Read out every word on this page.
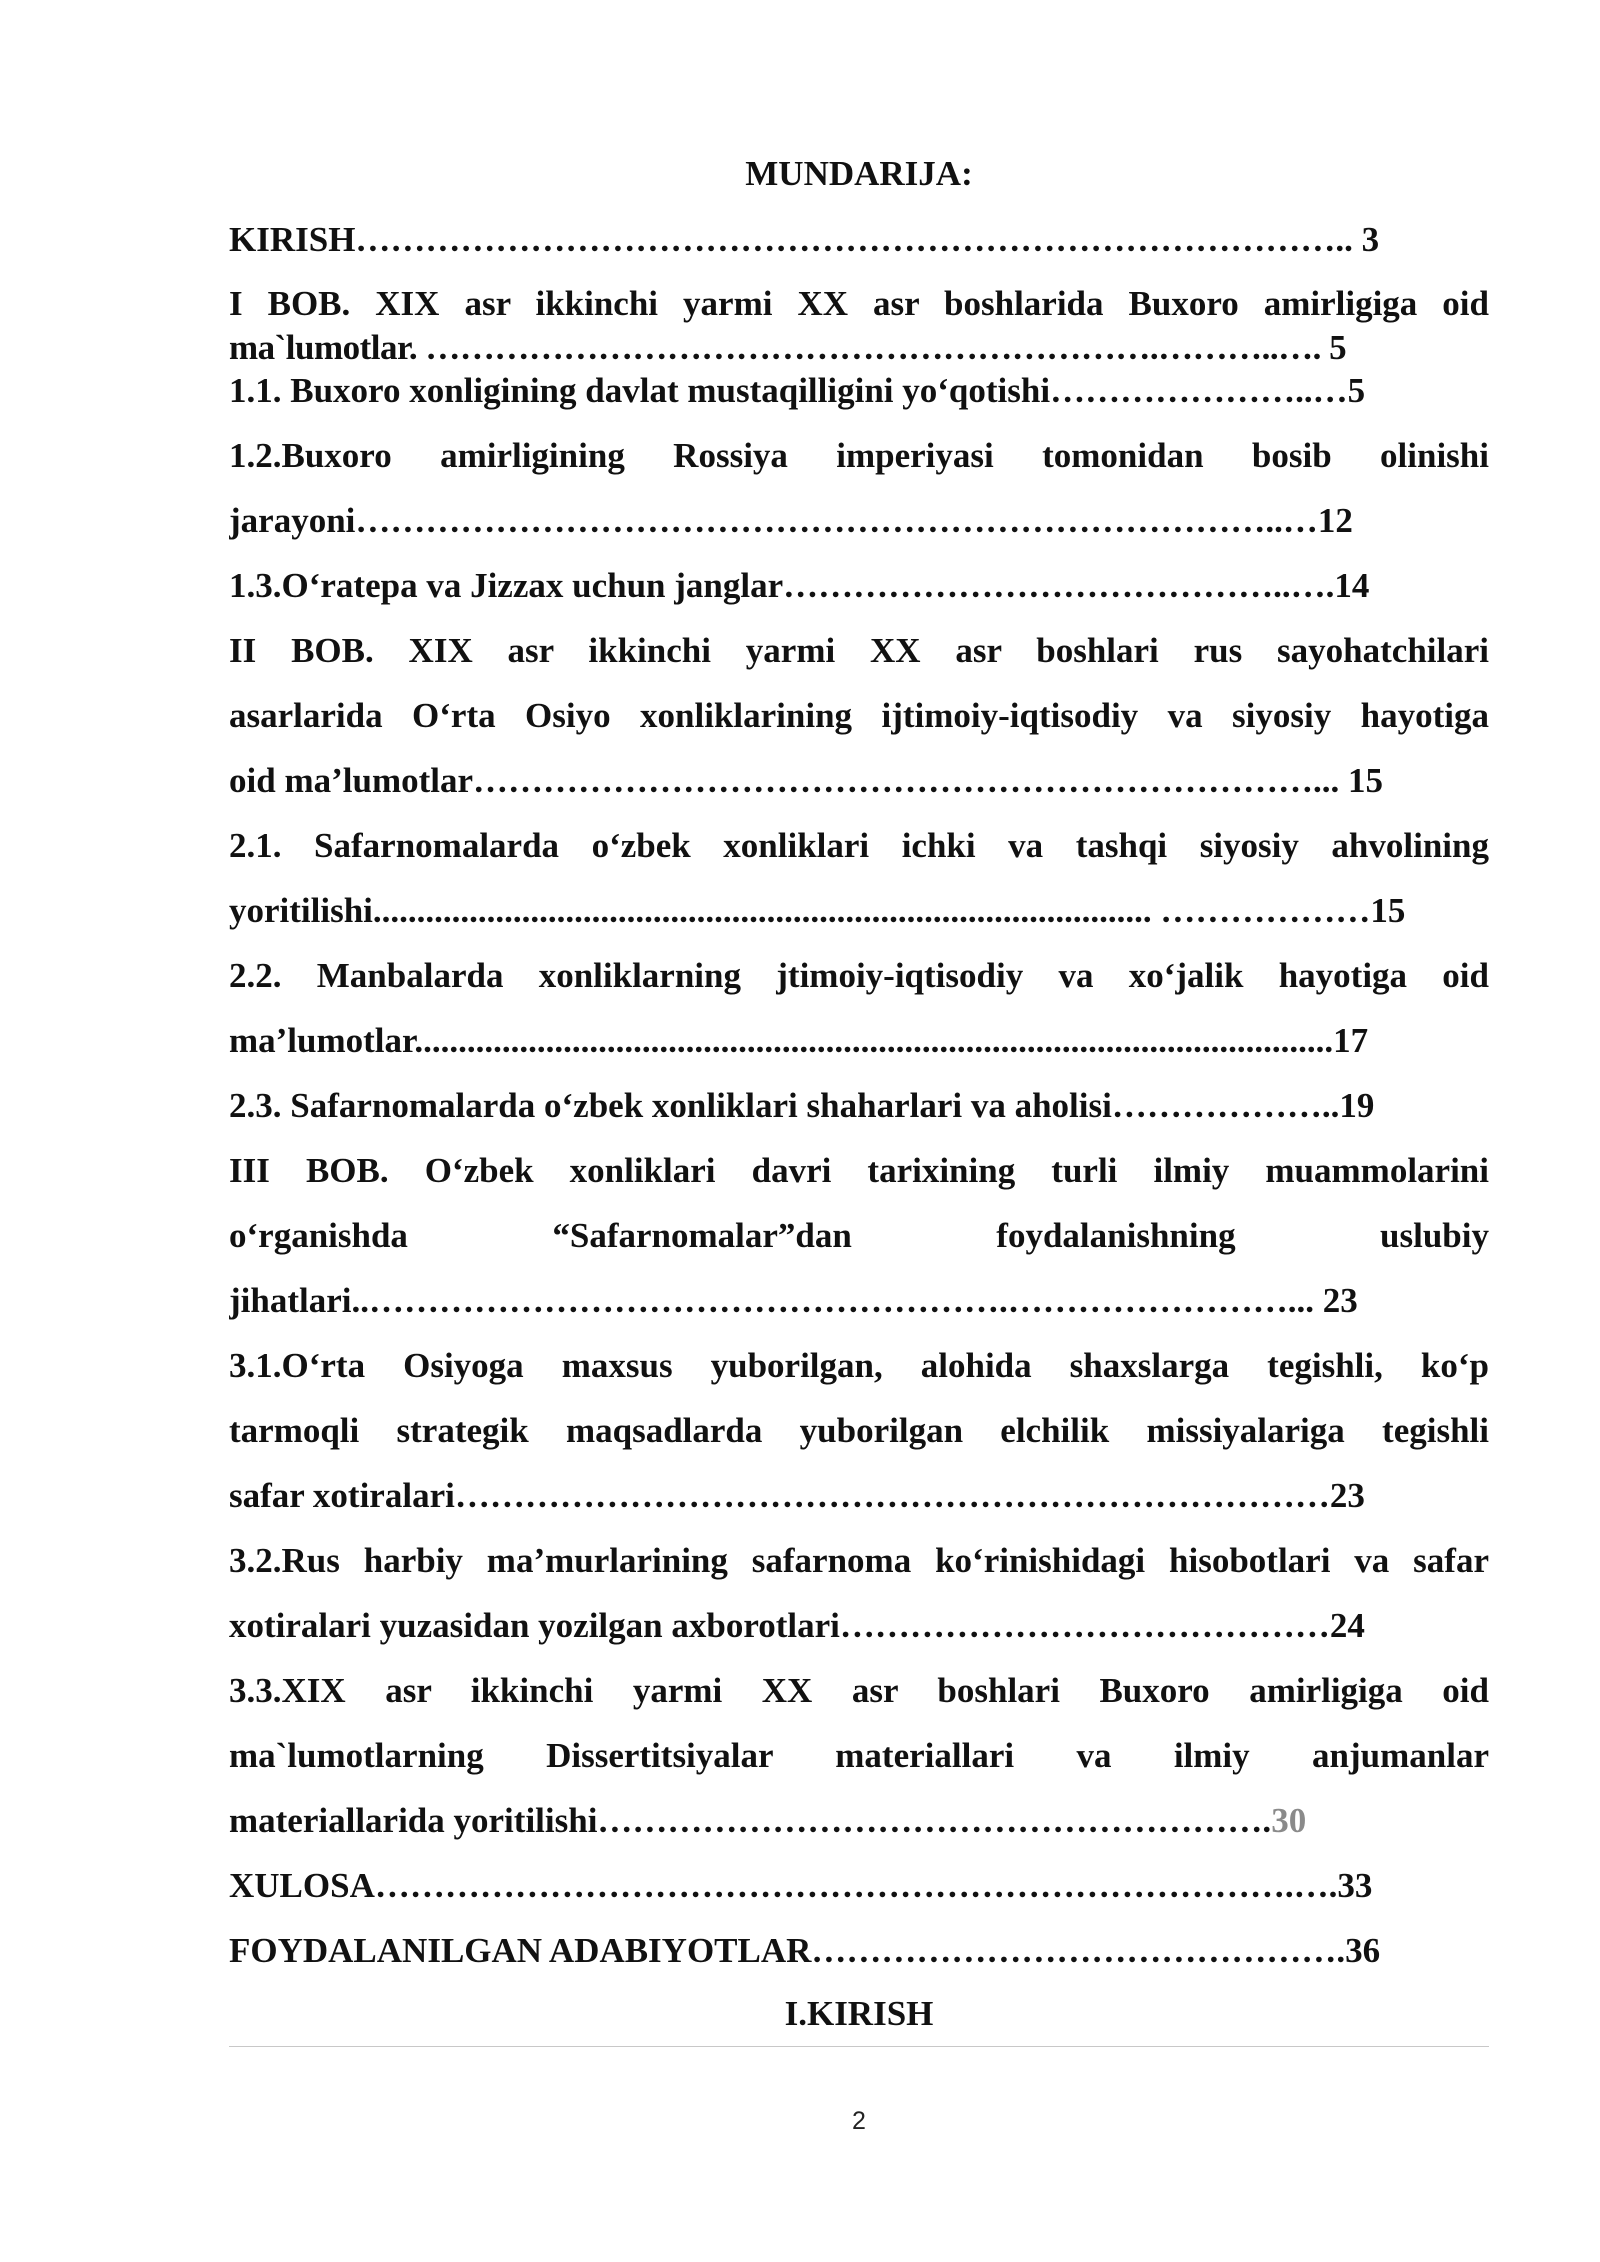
MUNDARIJA:
KIRISH………………………………………………………………………….. 3
I BOB. XIX asr ikkinchi yarmi XX asr boshlarida Buxoro amirligiga oid
ma`lumotlar. ……………………………………………………….………..…. 5
1.1. Buxoro xonligining davlat mustaqilligini yo‘qotishi…………………..…5
1.2.Buxoro amirligining Rossiya imperiyasi tomonidan bosib olinishi
jarayoni……………………………………………………………………..…12
1.3.O‘ratepa va Jizzax uchun janglar……………………………………..….14
II BOB. XIX asr ikkinchi yarmi XX asr boshlari rus sayohatchilari
asarlarida O‘rta Osiyo xonliklarining ijtimoiy-iqtisodiy va siyosiy hayotiga
oid ma’lumotlar………………………………………………………………... 15
2.1. Safarnomalarda o‘zbek xonliklari ichki va tashqi siyosiy ahvolining
yoritilishi......................................................................................... ………………15
2.2. Manbalarda xonliklarning jtimoiy-iqtisodiy va xo‘jalik hayotiga oid
ma’lumotlar.........................................................................................................17
2.3. Safarnomalarda o‘zbek xonliklari shaharlari va aholisi………………..19
III BOB. O‘zbek xonliklari davri tarixining turli ilmiy muammolarini
o‘rganishda “Safarnomalar”dan foydalanishning uslubiy
jihatlari..……………………………………………….……………………... 23
3.1.O‘rta Osiyoga maxsus yuborilgan, alohida shaxslarga tegishli, ko‘p
tarmoqli strategik maqsadlarda yuborilgan elchilik missiyalariga tegishli
safar xotiralari…………………………………………………………………23
3.2.Rus harbiy ma’murlarining safarnoma ko‘rinishidagi hisobotlari va safar
xotiralari yuzasidan yozilgan axborotlari……………………………………24
3.3.XIX asr ikkinchi yarmi XX asr boshlari Buxoro amirligiga oid
ma`lumotlarning Dissertitsiyalar materiallari va ilmiy anjumanlar
materiallarida yoritilishi………………………………………………….30
XULOSA…………………………………………………………………….….33
FOYDALANILGAN ADABIYOTLAR……………………………………….36
I.KIRISH
2
